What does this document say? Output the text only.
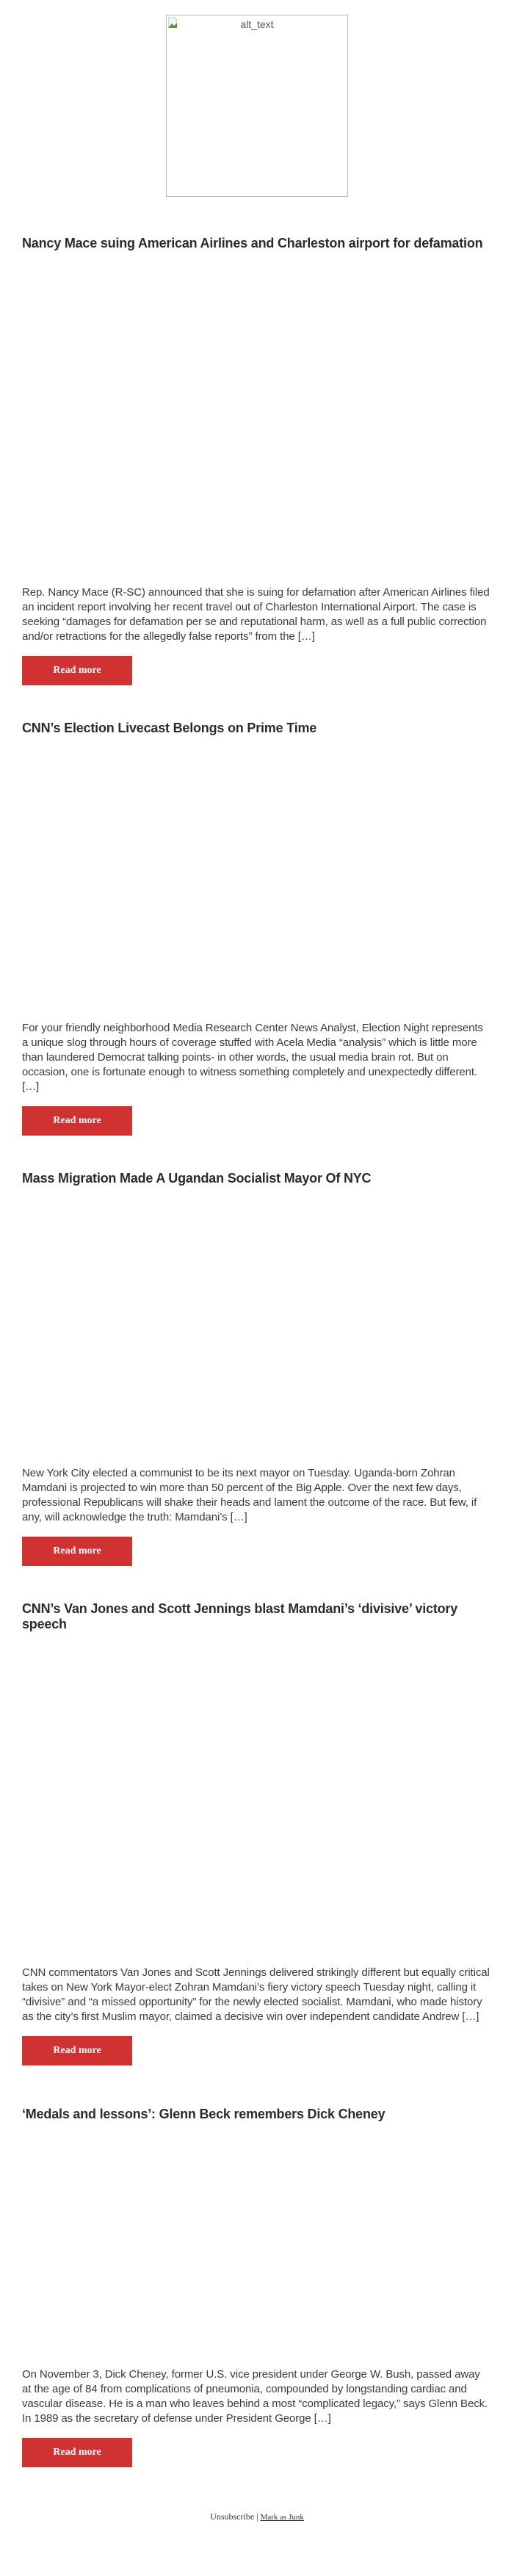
alt_text
Nancy Mace suing American Airlines and Charleston airport for defamation

Rep. Nancy Mace (R-SC) announced that she is suing for defamation after American Airlines filed an incident report involving her recent travel out of Charleston International Airport. The case is seeking “damages for defamation per se and reputational harm, as well as a full public correction and/or retractions for the allegedly false reports” from the […]

Read more
CNN’s Election Livecast Belongs on Prime Time

For your friendly neighborhood Media Research Center News Analyst, Election Night represents a unique slog through hours of coverage stuffed with Acela Media “analysis” which is little more than laundered Democrat talking points- in other words, the usual media brain rot. But on occasion, one is fortunate enough to witness something completely and unexpectedly different. […]

Read more
Mass Migration Made A Ugandan Socialist Mayor Of NYC

New York City elected a communist to be its next mayor on Tuesday. Uganda-born Zohran Mamdani is projected to win more than 50 percent of the Big Apple. Over the next few days, professional Republicans will shake their heads and lament the outcome of the race. But few, if any, will acknowledge the truth: Mamdani’s […]

Read more
CNN’s Van Jones and Scott Jennings blast Mamdani’s ‘divisive’ victory speech

CNN commentators Van Jones and Scott Jennings delivered strikingly different but equally critical takes on New York Mayor-elect Zohran Mamdani’s fiery victory speech Tuesday night, calling it “divisive” and “a missed opportunity” for the newly elected socialist. Mamdani, who made history as the city’s first Muslim mayor, claimed a decisive win over independent candidate Andrew […]

Read more
‘Medals and lessons’: Glenn Beck remembers Dick Cheney

On November 3, Dick Cheney, former U.S. vice president under George W. Bush, passed away at the age of 84 from complications of pneumonia, compounded by longstanding cardiac and vascular disease. He is a man who leaves behind a most “complicated legacy,” says Glenn Beck. In 1989 as the secretary of defense under President George […]

Read more
Unsubscribe | Mark as Junk
